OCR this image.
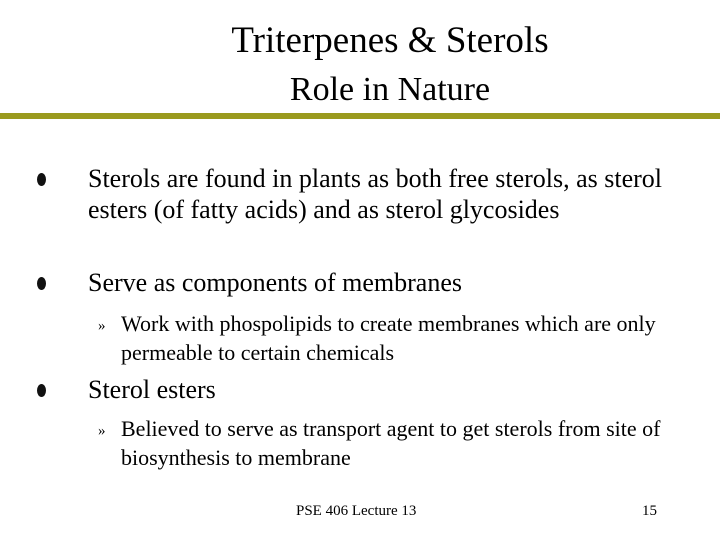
Triterpenes & Sterols
Role in Nature
Sterols are found in plants as both free sterols, as sterol esters (of fatty acids) and as sterol glycosides
Serve as components of membranes
» Work with phospolipids to create membranes which are only permeable to certain chemicals
Sterol esters
» Believed to serve as transport agent to get sterols from site of biosynthesis to membrane
PSE 406 Lecture 13	15
